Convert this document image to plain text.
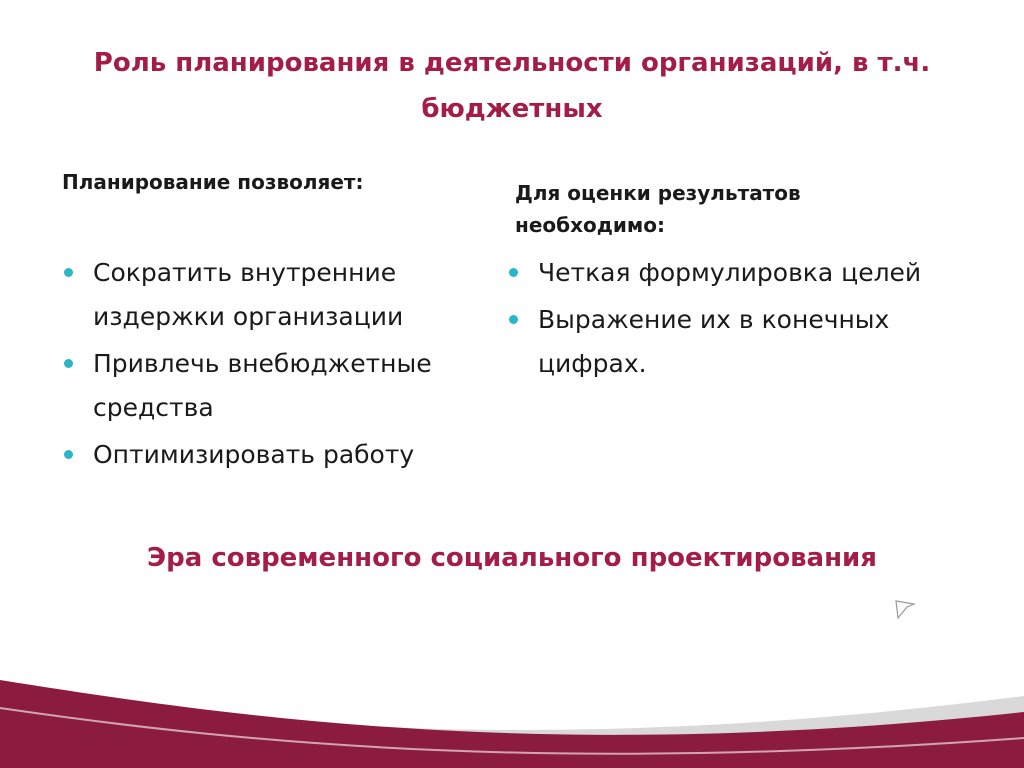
Роль планирования в деятельности организаций, в т.ч. бюджетных
Планирование позволяет:	Для оценки результатов необходимо:
Сократить внутренние издержки организации
Привлечь внебюджетные средства
Оптимизировать работу
Четкая формулировка целей
Выражение их в конечных цифрах.
Эра современного социального проектирования
